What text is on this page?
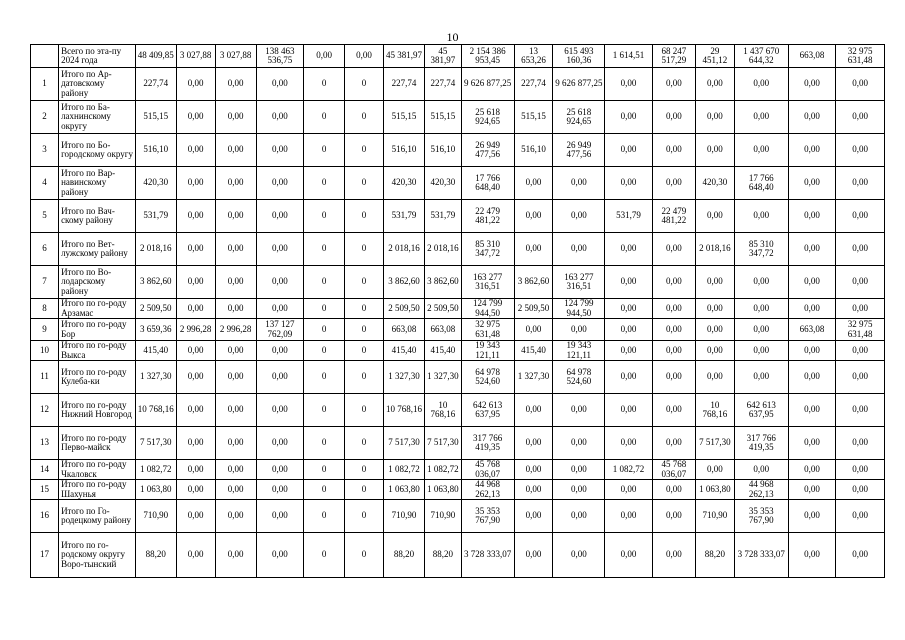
10
	Всего по эта-пу 2024 года	48 409,85	3 027,88	3 027,88	138 463 536,75	0,00	0,00	45 381,97	45 381,97	2 154 386 953,45	13 653,26	615 493 160,36	1 614,51	68 247 517,29	29 451,12	1 437 670 644,32	663,08	32 975 631,48
1	Итого по Ар-датовскому району	227,74	0,00	0,00	0,00	0	0	227,74	227,74	9 626 877,25	227,74	9 626 877,25	0,00	0,00	0,00	0,00	0,00	0,00
2	Итого по Ба-лахнинскому округу	515,15	0,00	0,00	0,00	0	0	515,15	515,15	25 618 924,65	515,15	25 618 924,65	0,00	0,00	0,00	0,00	0,00	0,00
3	Итого по Бо-городскому округу	516,10	0,00	0,00	0,00	0	0	516,10	516,10	26 949 477,56	516,10	26 949 477,56	0,00	0,00	0,00	0,00	0,00	0,00
4	Итого по Вар-навинскому району	420,30	0,00	0,00	0,00	0	0	420,30	420,30	17 766 648,40	0,00	0,00	0,00	0,00	420,30	17 766 648,40	0,00	0,00
5	Итого по Вач-скому району	531,79	0,00	0,00	0,00	0	0	531,79	531,79	22 479 481,22	0,00	0,00	531,79	22 479 481,22	0,00	0,00	0,00	0,00
6	Итого по Вет-лужскому району	2 018,16	0,00	0,00	0,00	0	0	2 018,16	2 018,16	85 310 347,72	0,00	0,00	0,00	0,00	2 018,16	85 310 347,72	0,00	0,00
7	Итого по Во-лодарскому району	3 862,60	0,00	0,00	0,00	0	0	3 862,60	3 862,60	163 277 316,51	3 862,60	163 277 316,51	0,00	0,00	0,00	0,00	0,00	0,00
8	Итого по го-роду Арзамас	2 509,50	0,00	0,00	0,00	0	0	2 509,50	2 509,50	124 799 944,50	2 509,50	124 799 944,50	0,00	0,00	0,00	0,00	0,00	0,00
9	Итого по го-роду Бор	3 659,36	2 996,28	2 996,28	137 127 762,09	0	0	663,08	663,08	32 975 631,48	0,00	0,00	0,00	0,00	0,00	0,00	663,08	32 975 631,48
10	Итого по го-роду Выкса	415,40	0,00	0,00	0,00	0	0	415,40	415,40	19 343 121,11	415,40	19 343 121,11	0,00	0,00	0,00	0,00	0,00	0,00
11	Итого по го-роду Кулеба-ки	1 327,30	0,00	0,00	0,00	0	0	1 327,30	1 327,30	64 978 524,60	1 327,30	64 978 524,60	0,00	0,00	0,00	0,00	0,00	0,00
12	Итого по го-роду Нижний Новгород	10 768,16	0,00	0,00	0,00	0	0	10 768,16	10 768,16	642 613 637,95	0,00	0,00	0,00	0,00	10 768,16	642 613 637,95	0,00	0,00
13	Итого по го-роду Перво-майск	7 517,30	0,00	0,00	0,00	0	0	7 517,30	7 517,30	317 766 419,35	0,00	0,00	0,00	0,00	7 517,30	317 766 419,35	0,00	0,00
14	Итого по го-роду Чкаловск	1 082,72	0,00	0,00	0,00	0	0	1 082,72	1 082,72	45 768 036,07	0,00	0,00	1 082,72	45 768 036,07	0,00	0,00	0,00	0,00
15	Итого по го-роду Шахунья	1 063,80	0,00	0,00	0,00	0	0	1 063,80	1 063,80	44 968 262,13	0,00	0,00	0,00	0,00	1 063,80	44 968 262,13	0,00	0,00
16	Итого по Го-родецкому району	710,90	0,00	0,00	0,00	0	0	710,90	710,90	35 353 767,90	0,00	0,00	0,00	0,00	710,90	35 353 767,90	0,00	0,00
17	Итого по го-родскому округу Воро-тынский	88,20	0,00	0,00	0,00	0	0	88,20	88,20	3 728 333,07	0,00	0,00	0,00	0,00	88,20	3 728 333,07	0,00	0,00
